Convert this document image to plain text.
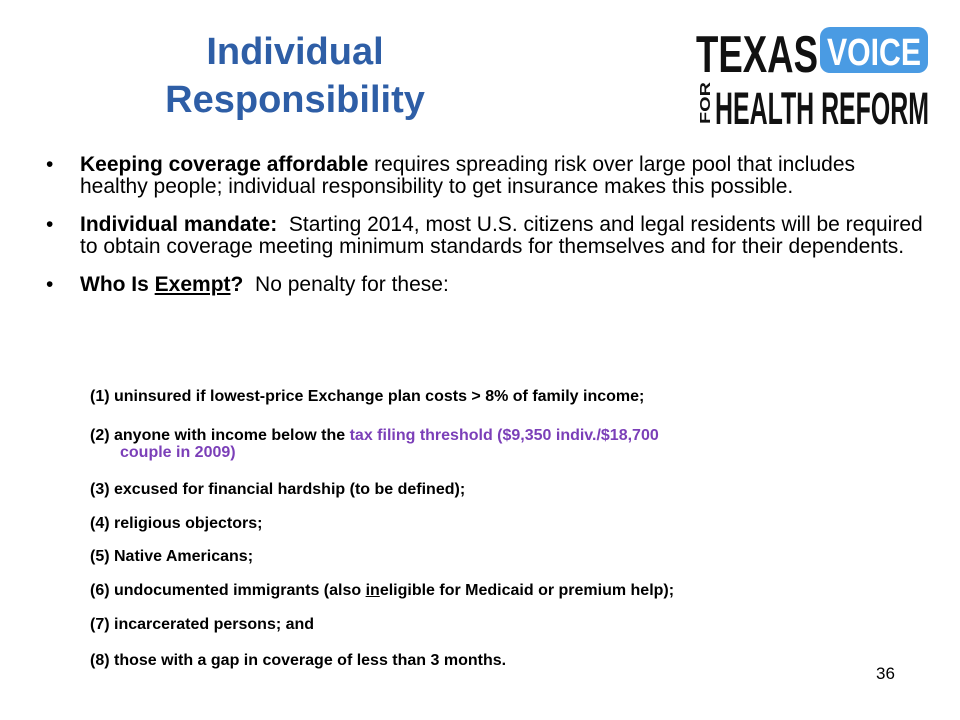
Individual
Responsibility
TEXAS VOICE
FOR HEALTH REFORM
•	Keeping coverage affordable requires spreading risk over large pool that includes healthy people; individual responsibility to get insurance makes this possible.
•	Individual mandate:  Starting 2014, most U.S. citizens and legal residents will be required to obtain coverage meeting minimum standards for themselves and for their dependents.
•	Who Is Exempt?  No penalty for these:
(1) uninsured if lowest-price Exchange plan costs > 8% of family income;
(2) anyone with income below the tax filing threshold ($9,350 indiv./$18,700
couple in 2009)
(3) excused for financial hardship (to be defined);
(4) religious objectors;
(5) Native Americans;
(6) undocumented immigrants (also ineligible for Medicaid or premium help);
(7) incarcerated persons; and
(8) those with a gap in coverage of less than 3 months.
36
